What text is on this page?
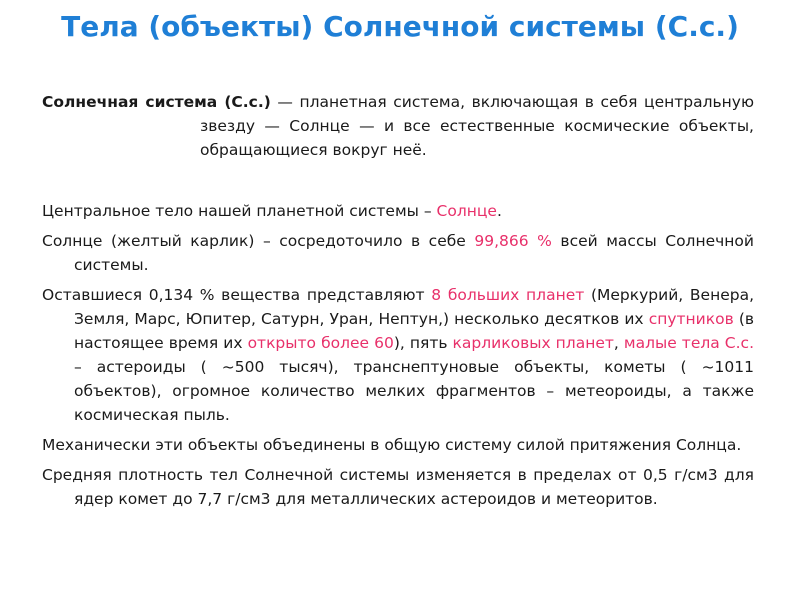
Тела (объекты) Солнечной системы (С.с.)
Солнечная система (С.с.) — планетная система, включающая в себя центральную звезду — Солнце — и все естественные космические объекты, обращающиеся вокруг неё.

Центральное тело нашей планетной системы – Солнце.

Солнце (желтый карлик) – сосредоточило в себе 99,866 % всей массы Солнечной системы.

Оставшиеся 0,134 % вещества представляют 8 больших планет (Меркурий, Венера, Земля, Марс, Юпитер, Сатурн, Уран, Нептун,) несколько десятков их спутников (в настоящее время их открыто более 60), пять карликовых планет, малые тела С.с. – астероиды ( ~500 тысяч), транснептуновые объекты, кометы ( ~1011 объектов), огромное количество мелких фрагментов – метеороиды, а также космическая пыль.

Механически эти объекты объединены в общую систему силой притяжения Солнца.

Средняя плотность тел Солнечной системы изменяется в пределах от 0,5 г/см3 для ядер комет до 7,7 г/см3 для металлических астероидов и метеоритов.
